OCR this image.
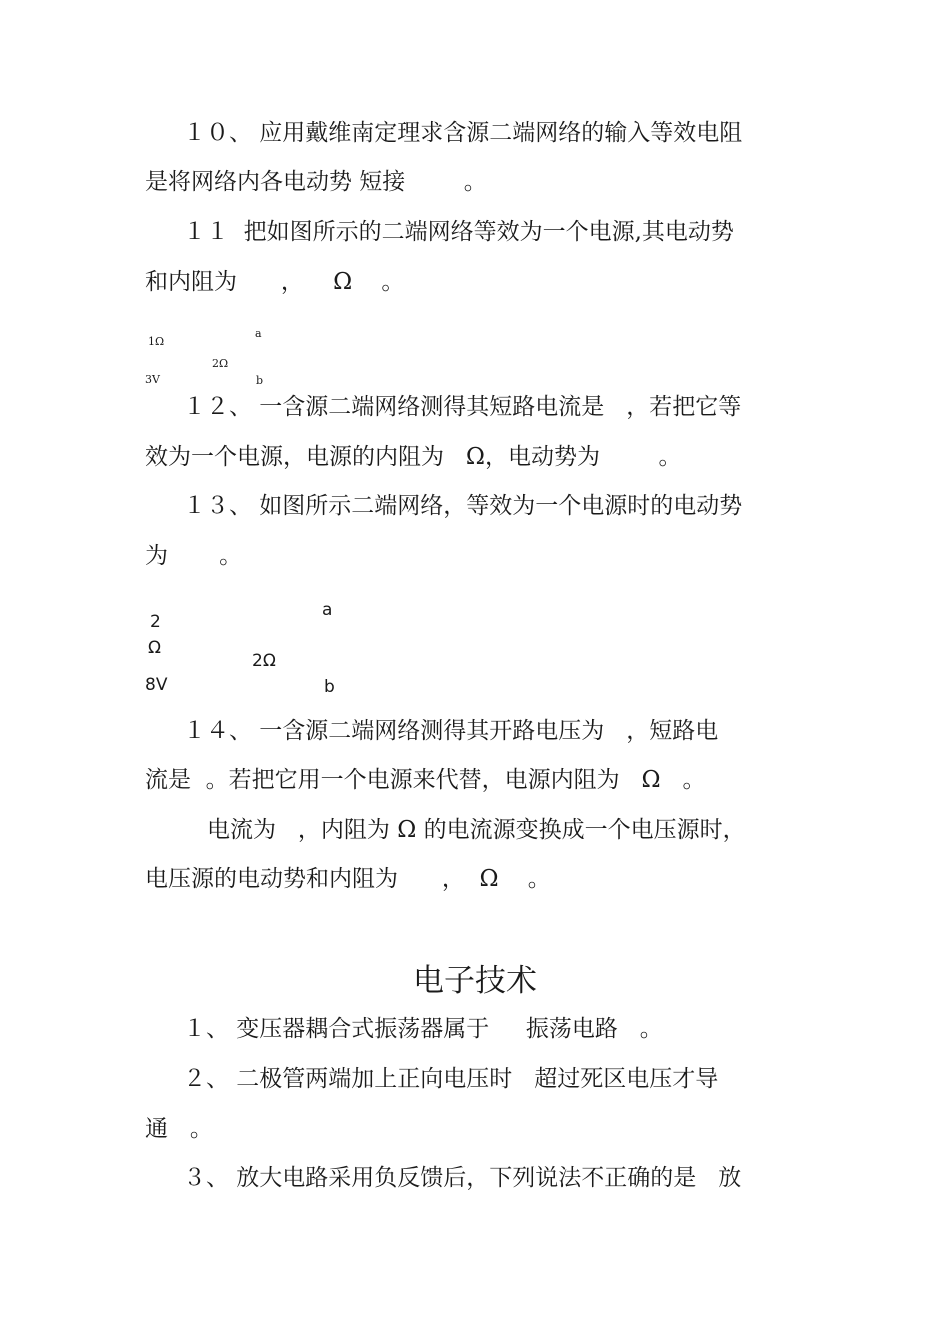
１０、 应用戴维南定理求含源二端网络的输入等效电阻
是将网络内各电动势 短接        。
１１  把如图所示的二端网络等效为一个电源,其电动势
和内阻为      ，    Ω    。
1Ω
a
2Ω
3V	b
１２、 一含源二端网络测得其短路电流是   ，若把它等
效为一个电源，电源的内阻为   Ω，电动势为        。
１３、 如图所示二端网络，等效为一个电源时的电动势
为       。
2
Ω
a
2Ω
8V	b
１４、 一含源二端网络测得其开路电压为   ，短路电
流是  。若把它用一个电源来代替，电源内阻为   Ω   。
电流为   ，内阻为 Ω 的电流源变换成一个电压源时，
电压源的电动势和内阻为      ，  Ω    。
电子技术
１、 变压器耦合式振荡器属于     振荡电路   。
２、 二极管两端加上正向电压时   超过死区电压才导
通   。
３、 放大电路采用负反馈后，下列说法不正确的是   放
